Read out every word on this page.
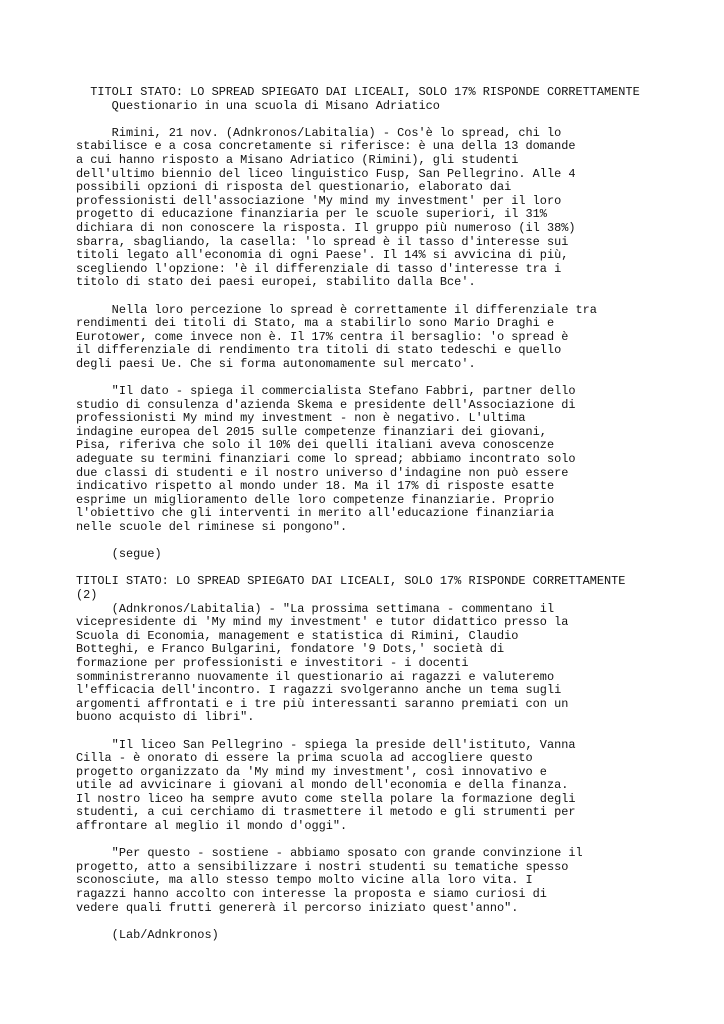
TITOLI STATO: LO SPREAD SPIEGATO DAI LICEALI, SOLO 17% RISPONDE CORRETTAMENTE
Questionario in una scuola di Misano Adriatico
Rimini, 21 nov. (Adnkronos/Labitalia) - Cos'è lo spread, chi lo
stabilisce e a cosa concretamente si riferisce: è una della 13 domande
a cui hanno risposto a Misano Adriatico (Rimini), gli studenti
dell'ultimo biennio del liceo linguistico Fusp, San Pellegrino. Alle 4
possibili opzioni di risposta del questionario, elaborato dai
professionisti dell'associazione 'My mind my investment' per il loro
progetto di educazione finanziaria per le scuole superiori, il 31%
dichiara di non conoscere la risposta. Il gruppo più numeroso (il 38%)
sbarra, sbagliando, la casella: 'lo spread è il tasso d'interesse sui
titoli legato all'economia di ogni Paese'. Il 14% si avvicina di più,
scegliendo l'opzione: 'è il differenziale di tasso d'interesse tra i
titolo di stato dei paesi europei, stabilito dalla Bce'.
Nella loro percezione lo spread è correttamente il differenziale tra
rendimenti dei titoli di Stato, ma a stabilirlo sono Mario Draghi e
Eurotower, come invece non è. Il 17% centra il bersaglio: 'o spread è
il differenziale di rendimento tra titoli di stato tedeschi e quello
degli paesi Ue. Che si forma autonomamente sul mercato'.
"Il dato - spiega il commercialista Stefano Fabbri, partner dello
studio di consulenza d'azienda Skema e presidente dell'Associazione di
professionisti My mind my investment - non è negativo. L'ultima
indagine europea del 2015 sulle competenze finanziari dei giovani,
Pisa, riferiva che solo il 10% dei quelli italiani aveva conoscenze
adeguate su termini finanziari come lo spread; abbiamo incontrato solo
due classi di studenti e il nostro universo d'indagine non può essere
indicativo rispetto al mondo under 18. Ma il 17% di risposte esatte
esprime un miglioramento delle loro competenze finanziarie. Proprio
l'obiettivo che gli interventi in merito all'educazione finanziaria
nelle scuole del riminese si pongono".
(segue)
TITOLI STATO: LO SPREAD SPIEGATO DAI LICEALI, SOLO 17% RISPONDE CORRETTAMENTE
(2)
(Adnkronos/Labitalia) - "La prossima settimana - commentano il
vicepresidente di 'My mind my investment' e tutor didattico presso la
Scuola di Economia, management e statistica di Rimini, Claudio
Botteghi, e Franco Bulgarini, fondatore '9 Dots,' società di
formazione per professionisti e investitori - i docenti
somministreranno nuovamente il questionario ai ragazzi e valuteremo
l'efficacia dell'incontro. I ragazzi svolgeranno anche un tema sugli
argomenti affrontati e i tre più interessanti saranno premiati con un
buono acquisto di libri".
"Il liceo San Pellegrino - spiega la preside dell'istituto, Vanna
Cilla - è onorato di essere la prima scuola ad accogliere questo
progetto organizzato da 'My mind my investment', così innovativo e
utile ad avvicinare i giovani al mondo dell'economia e della finanza.
Il nostro liceo ha sempre avuto come stella polare la formazione degli
studenti, a cui cerchiamo di trasmettere il metodo e gli strumenti per
affrontare al meglio il mondo d'oggi".
"Per questo - sostiene - abbiamo sposato con grande convinzione il
progetto, atto a sensibilizzare i nostri studenti su tematiche spesso
sconosciute, ma allo stesso tempo molto vicine alla loro vita. I
ragazzi hanno accolto con interesse la proposta e siamo curiosi di
vedere quali frutti genererà il percorso iniziato quest'anno".
(Lab/Adnkronos)
